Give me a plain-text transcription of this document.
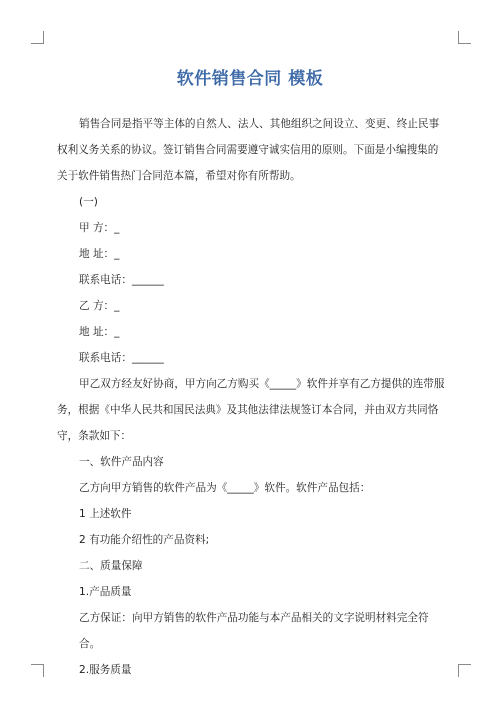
软件销售合同 模板

销售合同是指平等主体的自然人、法人、其他组织之间设立、变更、终止民事权利义务关系的协议。签订销售合同需要遵守诚实信用的原则。下面是小编搜集的关于软件销售热门合同范本篇，希望对你有所帮助。

(一)

甲 方：_

地 址：_

联系电话：______

乙 方：_

地 址：_

联系电话：______

甲乙双方经友好协商，甲方向乙方购买《_____》软件并享有乙方提供的连带服务，根据《中华人民共和国民法典》及其他法律法规签订本合同，并由双方共同恪守，条款如下：

一、软件产品内容

乙方向甲方销售的软件产品为《_____》软件。软件产品包括：

1 上述软件

2 有功能介绍性的产品资料;

二、质量保障

1.产品质量

乙方保证：向甲方销售的软件产品功能与本产品相关的文字说明材料完全符合。

2.服务质量
